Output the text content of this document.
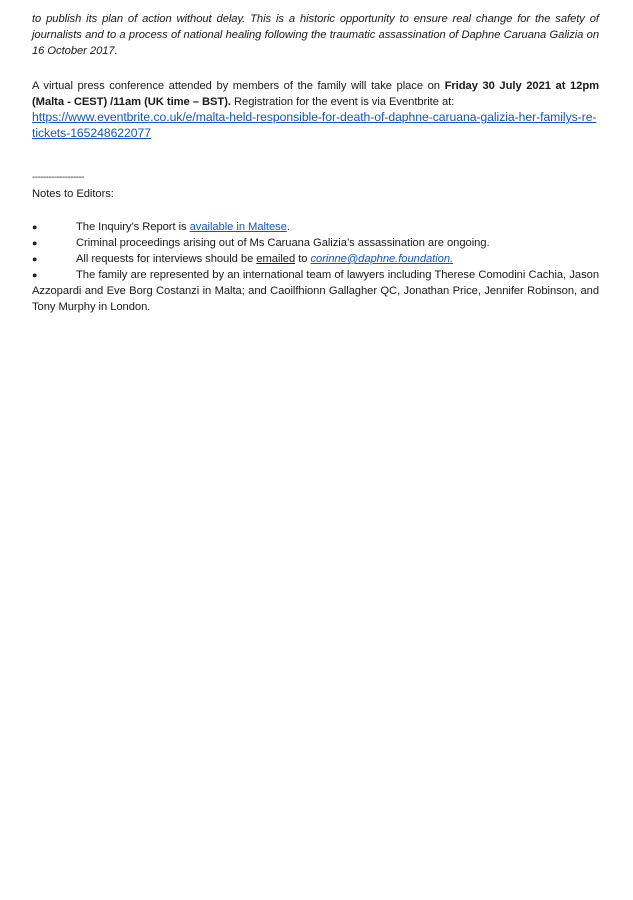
to publish its plan of action without delay. This is a historic opportunity to ensure real change for the safety of journalists and to a process of national healing following the traumatic assassination of Daphne Caruana Galizia on 16 October 2017.

A virtual press conference attended by members of the family will take place on Friday 30 July 2021 at 12pm (Malta - CEST) /11am (UK time – BST). Registration for the event is via Eventbrite at:
https://www.eventbrite.co.uk/e/malta-held-responsible-for-death-of-daphne-caruana-galizia-her-familys-re-tickets-165248622077
-------------------
Notes to Editors:
●	The Inquiry’s Report is available in Maltese.
●	Criminal proceedings arising out of Ms Caruana Galizia’s assassination are ongoing.
●	All requests for interviews should be emailed to corinne@daphne.foundation.
●	The family are represented by an international team of lawyers including Therese Comodini Cachia, Jason Azzopardi and Eve Borg Costanzi in Malta; and Caoilfhionn Gallagher QC, Jonathan Price, Jennifer Robinson, and Tony Murphy in London.
